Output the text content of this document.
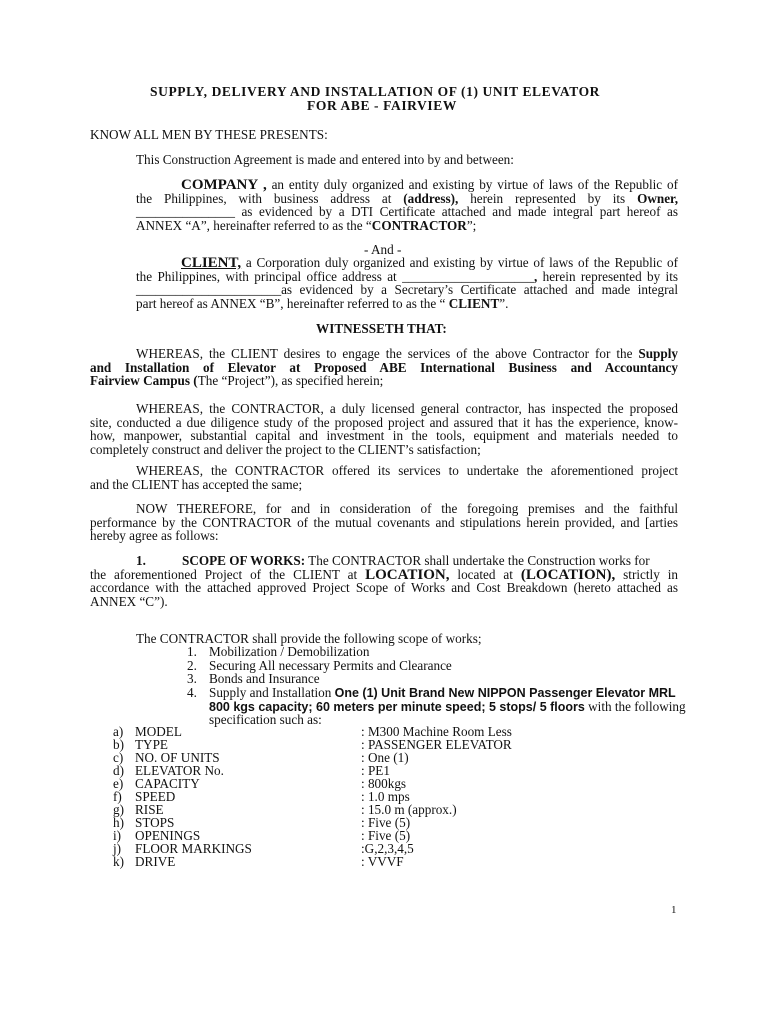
SUPPLY, DELIVERY AND INSTALLATION OF (1) UNIT ELEVATOR
FOR ABE - FAIRVIEW
KNOW ALL MEN BY THESE PRESENTS:
This Construction Agreement is made and entered into by and between:
COMPANY , an entity duly organized and existing by virtue of laws of the Republic of
the Philippines, with business address at (address), herein represented by its Owner,
_______________ as evidenced by a DTI Certificate attached and made integral part hereof as
ANNEX “A”, hereinafter referred to as the “CONTRACTOR”;
- And -
CLIENT, a Corporation duly organized and existing by virtue of laws of the Republic of
the Philippines, with principal office address at ____________________, herein represented by its
______________________as evidenced by a Secretary’s Certificate attached and made integral
part hereof as ANNEX “B”, hereinafter referred to as the “ CLIENT”.
WITNESSETH THAT:
WHEREAS, the CLIENT desires to engage the services of the above Contractor for the Supply
and Installation of Elevator at Proposed ABE International Business and Accountancy
Fairview Campus (The “Project”), as specified herein;
WHEREAS, the CONTRACTOR, a duly licensed general contractor, has inspected the proposed
site, conducted a due diligence study of the proposed project and assured that it has the experience, know-
how, manpower, substantial capital and investment in the tools, equipment and materials needed to
completely construct and deliver the project to the CLIENT’s satisfaction;
WHEREAS, the CONTRACTOR offered its services to undertake the aforementioned project
and the CLIENT has accepted the same;
NOW THEREFORE, for and in consideration of the foregoing premises and the faithful
performance by the CONTRACTOR of the mutual covenants and stipulations herein provided, and [arties
hereby agree as follows:
1.	SCOPE OF WORKS: The CONTRACTOR shall undertake the Construction works for
the aforementioned Project of the CLIENT at LOCATION, located at (LOCATION), strictly in
accordance with the attached approved Project Scope of Works and Cost Breakdown (hereto attached as
ANNEX “C”).
The CONTRACTOR shall provide the following scope of works;
1. Mobilization / Demobilization
2. Securing All necessary Permits and Clearance
3. Bonds and Insurance
4. Supply and Installation One (1) Unit Brand New NIPPON Passenger Elevator MRL
800 kgs capacity; 60 meters per minute speed; 5 stops/ 5 floors with the following
specification such as:
a) MODEL	: M300 Machine Room Less
b) TYPE	: PASSENGER ELEVATOR
c) NO. OF UNITS	: One (1)
d) ELEVATOR No.	: PE1
e) CAPACITY	: 800kgs
f) SPEED	: 1.0 mps
g) RISE	: 15.0 m (approx.)
h) STOPS	: Five (5)
i) OPENINGS	: Five (5)
j) FLOOR MARKINGS	:G,2,3,4,5
k) DRIVE	: VVVF
1
